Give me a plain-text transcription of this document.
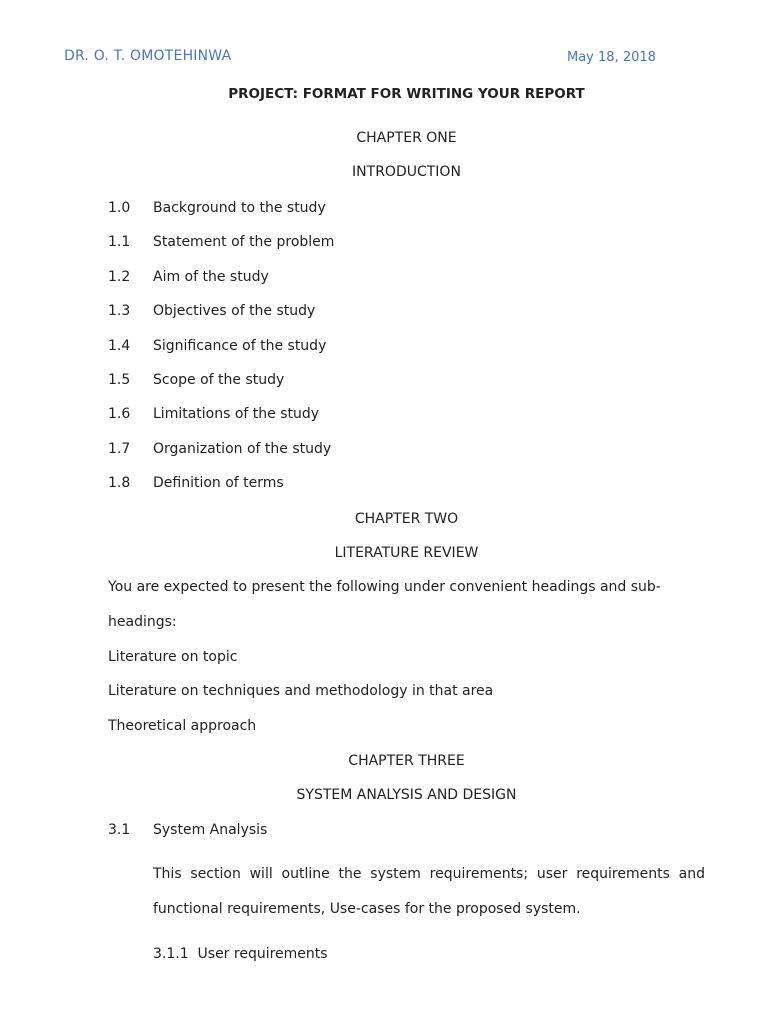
DR. O. T. OMOTEHINWA	May 18, 2018
PROJECT: FORMAT FOR WRITING YOUR REPORT
CHAPTER ONE
INTRODUCTION
1.0 Background to the study
1.1 Statement of the problem
1.2 Aim of the study
1.3 Objectives of the study
1.4 Significance of the study
1.5 Scope of the study
1.6 Limitations of the study
1.7 Organization of the study
1.8 Definition of terms
CHAPTER TWO
LITERATURE REVIEW
You are expected to present the following under convenient headings and sub-
headings:
Literature on topic
Literature on techniques and methodology in that area
Theoretical approach
CHAPTER THREE
SYSTEM ANALYSIS AND DESIGN
3.1 System Analysis
This section will outline the system requirements; user requirements and functional requirements, Use-cases for the proposed system.
3.1.1  User requirements
